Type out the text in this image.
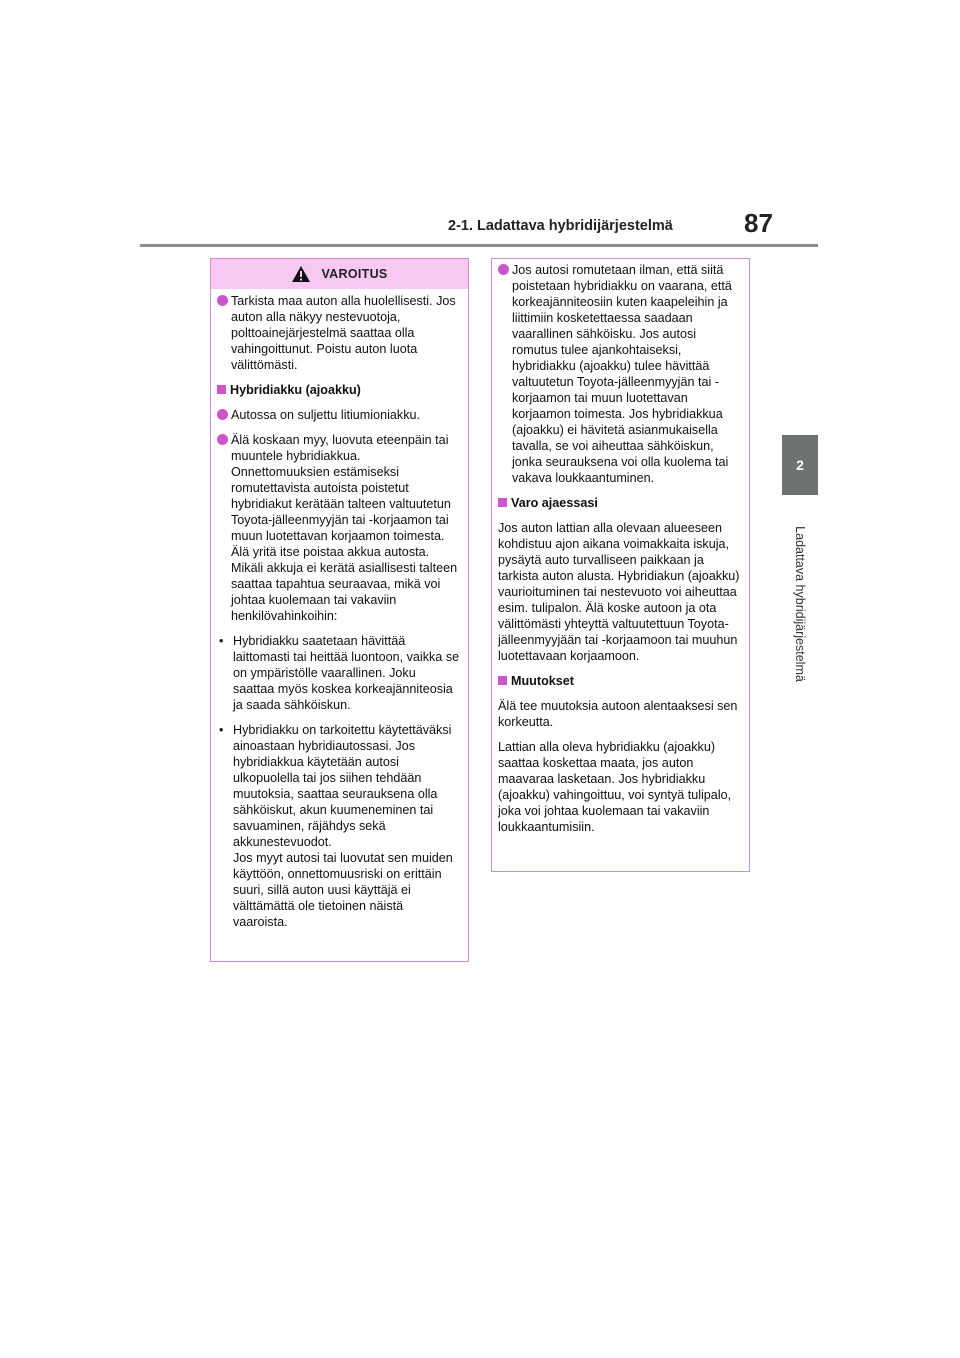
2-1. Ladattava hybridijärjestelmä	87
2
Ladattava hybridijärjestelmä
VAROITUS
Tarkista maa auton alla huolellisesti. Jos auton alla näkyy nestevuotoja, polttoainejärjestelmä saattaa olla vahingoittunut. Poistu auton luota välittömästi.
Hybridiakku (ajoakku)
Autossa on suljettu litiumioniakku.
Älä koskaan myy, luovuta eteenpäin tai muuntele hybridiakkua. Onnettomuuksien estämiseksi romutettavista autoista poistetut hybridiakut kerätään talteen valtuutetun Toyota-jälleenmyyjän tai -korjaamon tai muun luotettavan korjaamon toimesta. Älä yritä itse poistaa akkua autosta. Mikäli akkuja ei kerätä asiallisesti talteen saattaa tapahtua seuraavaa, mikä voi johtaa kuolemaan tai vakaviin henkilövahinkoihin:
• Hybridiakku saatetaan hävittää laittomasti tai heittää luontoon, vaikka se on ympäristölle vaarallinen. Joku saattaa myös koskea korkeajänniteosia ja saada sähköiskun.
• Hybridiakku on tarkoitettu käytettäväksi ainoastaan hybridiautossasi. Jos hybridiakkua käytetään autosi ulkopuolella tai jos siihen tehdään muutoksia, saattaa seurauksena olla sähköiskut, akun kuumeneminen tai savuaminen, räjähdys sekä akkunestevuodot.
Jos myyt autosi tai luovutat sen muiden käyttöön, onnettomuusriski on erittäin suuri, sillä auton uusi käyttäjä ei välttämättä ole tietoinen näistä vaaroista.
Jos autosi romutetaan ilman, että siitä poistetaan hybridiakku on vaarana, että korkeajänniteosiin kuten kaapeleihin ja liittimiin kosketettaessa saadaan vaarallinen sähköisku. Jos autosi romutus tulee ajankohtaiseksi, hybridiakku (ajoakku) tulee hävittää valtuutetun Toyota-jälleenmyyjän tai -korjaamon tai muun luotettavan korjaamon toimesta. Jos hybridiakkua (ajoakku) ei hävitetä asianmukaisella tavalla, se voi aiheuttaa sähköiskun, jonka seurauksena voi olla kuolema tai vakava loukkaantuminen.
Varo ajaessasi
Jos auton lattian alla olevaan alueeseen kohdistuu ajon aikana voimakkaita iskuja, pysäytä auto turvalliseen paikkaan ja tarkista auton alusta. Hybridiakun (ajoakku) vaurioituminen tai nestevuoto voi aiheuttaa esim. tulipalon. Älä koske autoon ja ota välittömästi yhteyttä valtuutettuun Toyota-jälleenmyyjään tai -korjaamoon tai muuhun luotettavaan korjaamoon.
Muutokset
Älä tee muutoksia autoon alentaaksesi sen korkeutta.
Lattian alla oleva hybridiakku (ajoakku) saattaa koskettaa maata, jos auton maavaraa lasketaan. Jos hybridiakku (ajoakku) vahingoittuu, voi syntyä tulipalo, joka voi johtaa kuolemaan tai vakaviin loukkaantumisiin.
